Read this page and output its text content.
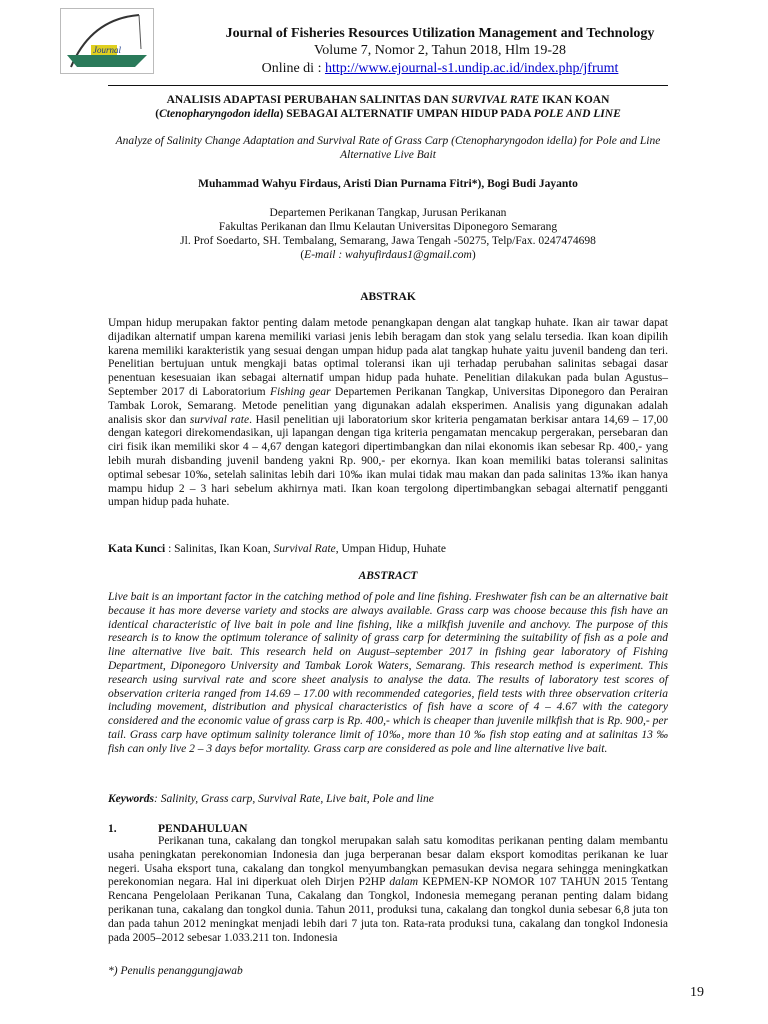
Journal
Journal of Fisheries Resources Utilization Management and Technology
Volume 7, Nomor 2, Tahun 2018, Hlm 19-28
Online di : http://www.ejournal-s1.undip.ac.id/index.php/jfrumt
ANALISIS ADAPTASI PERUBAHAN SALINITAS DAN SURVIVAL RATE IKAN KOAN
(Ctenopharyngodon idella) SEBAGAI ALTERNATIF UMPAN HIDUP PADA POLE AND LINE
Analyze of Salinity Change Adaptation and Survival Rate of Grass Carp (Ctenopharyngodon idella) for Pole and Line Alternative Live Bait
Muhammad Wahyu Firdaus, Aristi Dian Purnama Fitri*), Bogi Budi Jayanto
Departemen Perikanan Tangkap, Jurusan Perikanan
Fakultas Perikanan dan Ilmu Kelautan Universitas Diponegoro Semarang
Jl. Prof Soedarto, SH. Tembalang, Semarang, Jawa Tengah -50275, Telp/Fax. 0247474698
(E-mail : wahyufirdaus1@gmail.com)
ABSTRAK

Umpan hidup merupakan faktor penting dalam metode penangkapan dengan alat tangkap huhate. Ikan air tawar dapat dijadikan alternatif umpan karena memiliki variasi jenis lebih beragam dan stok yang selalu tersedia. Ikan koan dipilih karena memiliki karakteristik yang sesuai dengan umpan hidup pada alat tangkap huhate yaitu juvenil bandeng dan teri. Penelitian bertujuan untuk mengkaji batas optimal toleransi ikan uji terhadap perubahan salinitas sebagai dasar penentuan kesesuaian ikan sebagai alternatif umpan hidup pada huhate. Penelitian dilakukan pada bulan Agustus–September 2017 di Laboratorium Fishing gear Departemen Perikanan Tangkap, Universitas Diponegoro dan Perairan Tambak Lorok, Semarang. Metode penelitian yang digunakan adalah eksperimen. Analisis yang digunakan adalah analisis skor dan survival rate. Hasil penelitian uji laboratorium skor kriteria pengamatan berkisar antara 14,69 – 17,00 dengan kategori direkomendasikan, uji lapangan dengan tiga kriteria pengamatan mencakup pergerakan, persebaran dan ciri fisik ikan memiliki skor 4 – 4,67 dengan kategori dipertimbangkan dan nilai ekonomis ikan sebesar Rp. 400,- yang lebih murah disbanding juvenil bandeng yakni Rp. 900,- per ekornya. Ikan koan memiliki batas toleransi salinitas optimal sebesar 10‰, setelah salinitas lebih dari 10‰ ikan mulai tidak mau makan dan pada salinitas 13‰ ikan hanya mampu hidup 2 – 3 hari sebelum akhirnya mati. Ikan koan tergolong dipertimbangkan sebagai alternatif pengganti umpan hidup pada huhate.

Kata Kunci : Salinitas, Ikan Koan, Survival Rate, Umpan Hidup, Huhate

ABSTRACT

Live bait is an important factor in the catching method of pole and line fishing. Freshwater fish can be an alternative bait because it has more deverse variety and stocks are always available. Grass carp was choose because this fish have an identical characteristic of live bait in pole and line fishing, like a milkfish juvenile and anchovy. The purpose of this research is to know the optimum tolerance of salinity of grass carp for determining the suitability of fish as a pole and line alternative live bait. This research held on August–september 2017 in fishing gear laboratory of Fishing Department, Diponegoro University and Tambak Lorok Waters, Semarang. This research method is experiment. This research using survival rate and score sheet analysis to analyse the data. The results of laboratory test scores of observation criteria ranged from 14.69 – 17.00 with recommended categories, field tests with three observation criteria including movement, distribution and physical characteristics of fish have a score of 4 – 4.67 with the category considered and the economic value of grass carp is Rp. 400,- which is cheaper than juvenile milkfish that is Rp. 900,- per tail. Grass carp have optimum salinity tolerance limit of 10‰, more than 10 ‰ fish stop eating and at salinitas 13 ‰ fish can only live 2 – 3 days befor mortality. Grass carp are considered as pole and line alternative live bait.

Keywords: Salinity, Grass carp, Survival Rate, Live bait, Pole and line

1.	PENDAHULUAN

Perikanan tuna, cakalang dan tongkol merupakan salah satu komoditas perikanan penting dalam membantu usaha peningkatan perekonomian Indonesia dan juga berperanan besar dalam eksport komoditas perikanan ke luar negeri. Usaha eksport tuna, cakalang dan tongkol menyumbangkan pemasukan devisa negara sehingga meningkatkan perekonomian negara. Hal ini diperkuat oleh Dirjen P2HP dalam KEPMEN-KP NOMOR 107 TAHUN 2015 Tentang Rencana Pengelolaan Perikanan Tuna, Cakalang dan Tongkol, Indonesia memegang peranan penting dalam bidang perikanan tuna, cakalang dan tongkol dunia. Tahun 2011, produksi tuna, cakalang dan tongkol dunia sebesar 6,8 juta ton dan pada tahun 2012 meningkat menjadi lebih dari 7 juta ton. Rata-rata produksi tuna, cakalang dan tongkol Indonesia pada 2005–2012 sebesar 1.033.211 ton. Indonesia

*) Penulis penanggungjawab
19
